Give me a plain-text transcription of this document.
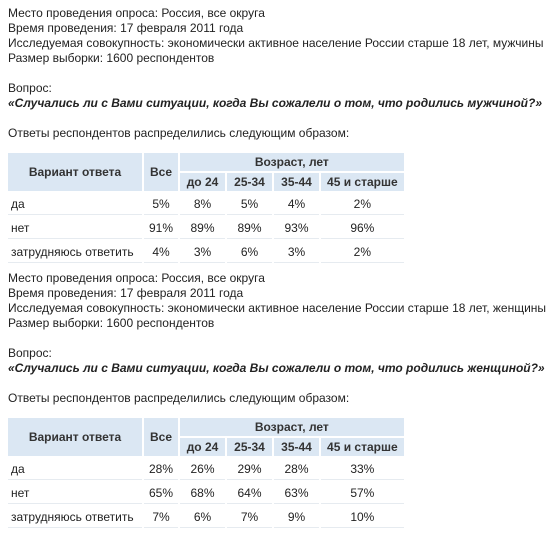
Место проведения опроса: Россия, все округа
Время проведения: 17 февраля 2011 года
Исследуемая совокупность: экономически активное население России старше 18 лет, мужчины
Размер выборки: 1600 респондентов
Вопрос:
«Случались ли с Вами ситуации, когда Вы сожалели о том, что родились мужчиной?»
Ответы респондентов распределились следующим образом:
Вариант ответа	Все	Возраст, лет			
		до 24	25-34	35-44	45 и старше
да	5%	8%	5%	4%	2%
нет	91%	89%	89%	93%	96%
затрудняюсь ответить	4%	3%	6%	3%	2%
Место проведения опроса: Россия, все округа
Время проведения: 17 февраля 2011 года
Исследуемая совокупность: экономически активное население России старше 18 лет, женщины
Размер выборки: 1600 респондентов
Вопрос:
«Случались ли с Вами ситуации, когда Вы сожалели о том, что родились женщиной?»
Ответы респондентов распределились следующим образом:
Вариант ответа	Все	Возраст, лет			
		до 24	25-34	35-44	45 и старше
да	28%	26%	29%	28%	33%
нет	65%	68%	64%	63%	57%
затрудняюсь ответить	7%	6%	7%	9%	10%
